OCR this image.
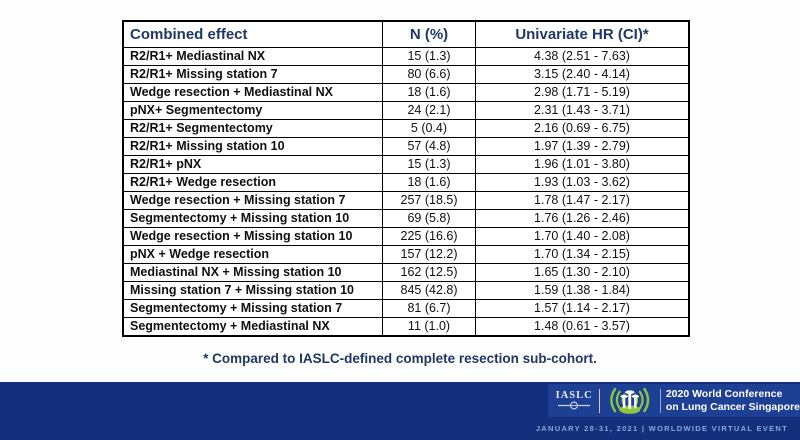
Combined effect	N (%)	Univariate HR (CI)*
R2/R1+ Mediastinal NX	15 (1.3)	4.38 (2.51 - 7.63)
R2/R1+ Missing station 7	80 (6.6)	3.15 (2.40 - 4.14)
Wedge resection + Mediastinal NX	18 (1.6)	2.98 (1.71 - 5.19)
pNX+ Segmentectomy	24 (2.1)	2.31 (1.43 - 3.71)
R2/R1+ Segmentectomy	5 (0.4)	2.16 (0.69 - 6.75)
R2/R1+ Missing station 10	57 (4.8)	1.97 (1.39 - 2.79)
R2/R1+ pNX	15 (1.3)	1.96 (1.01 - 3.80)
R2/R1+ Wedge resection	18 (1.6)	1.93 (1.03 - 3.62)
Wedge resection + Missing station 7	257 (18.5)	1.78 (1.47 - 2.17)
Segmentectomy + Missing station 10	69 (5.8)	1.76 (1.26 - 2.46)
Wedge resection + Missing station 10	225 (16.6)	1.70 (1.40 - 2.08)
pNX + Wedge resection	157 (12.2)	1.70 (1.34 - 2.15)
Mediastinal NX + Missing station 10	162 (12.5)	1.65 (1.30 - 2.10)
Missing station 7 + Missing station 10	845 (42.8)	1.59 (1.38 - 1.84)
Segmentectomy + Missing station 7	81 (6.7)	1.57 (1.14 - 2.17)
Segmentectomy + Mediastinal NX	11 (1.0)	1.48 (0.61 - 3.57)
* Compared to IASLC-defined complete resection sub-cohort.
IASLC	2020 World Conference
on Lung Cancer Singapore
JANUARY 28-31, 2021 | WORLDWIDE VIRTUAL EVENT
